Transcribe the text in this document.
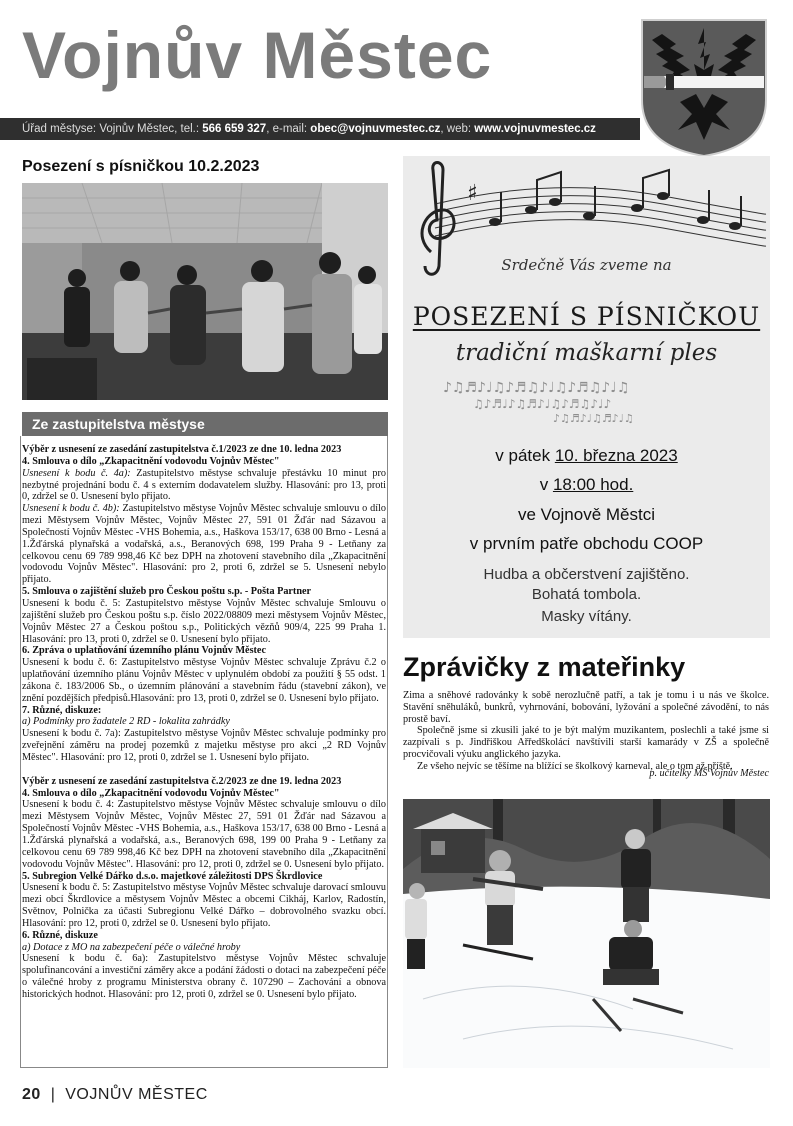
Vojnův Městec
Úřad městyse: Vojnův Městec, tel.: 566 659 327, e-mail: obec@vojnuvmestec.cz, web: www.vojnuvmestec.cz
Posezení s písničkou 10.2.2023
Ze zastupitelstva městyse

Výběr z usnesení ze zasedání zastupitelstva č.1/2023 ze dne 10. ledna 2023

4. Smlouva o dílo „Zkapacitnění vodovodu Vojnův Městec"

Usnesení k bodu č. 4a): Zastupitelstvo městyse schvaluje přestávku 10 minut pro nezbytné projednání bodu č. 4 s externím dodavatelem služby. Hlasování: pro 13, proti 0, zdržel se 0. Usnesení bylo přijato.

Usnesení k bodu č. 4b): Zastupitelstvo městyse Vojnův Městec schvaluje smlouvu o dílo mezi Městysem Vojnův Městec, Vojnův Městec 27, 591 01 Žďár nad Sázavou a Společností Vojnův Městec -VHS Bohemia, a.s., Haškova 153/17, 638 00 Brno - Lesná a 1.Žďárská plynařská a vodařská, a.s., Beranových 698, 199 Praha 9 - Letňany za celkovou cenu 69 789 998,46 Kč bez DPH na zhotovení stavebního díla „Zkapacitnění vodovodu Vojnův Městec". Hlasování: pro 2, proti 6, zdržel se 5. Usnesení nebylo přijato.

5. Smlouva o zajištění služeb pro Českou poštu s.p. - Pošta Partner

Usnesení k bodu č. 5: Zastupitelstvo městyse Vojnův Městec schvaluje Smlouvu o zajištění služeb pro Českou poštu s.p. číslo 2022/08809 mezi městysem Vojnův Městec, Vojnův Městec 27 a Českou poštou s.p., Politických vězňů 909/4, 225 99 Praha 1. Hlasování: pro 13, proti 0, zdržel se 0. Usnesení bylo přijato.

6. Zpráva o uplatňování územního plánu Vojnův Městec

Usnesení k bodu č. 6: Zastupitelstvo městyse Vojnův Městec schvaluje Zprávu č.2 o uplatňování územního plánu Vojnův Městec v uplynulém období za použití § 55 odst. 1 zákona č. 183/2006 Sb., o územním plánování a stavebním řádu (stavební zákon), ve znění pozdějších předpisů.Hlasování: pro 13, proti 0, zdržel se 0. Usnesení bylo přijato.

7. Různé, diskuze:

a) Podmínky pro žadatele 2 RD - lokalita zahrádky

Usnesení k bodu č. 7a): Zastupitelstvo městyse Vojnův Městec schvaluje podmínky pro zveřejnění záměru na prodej pozemků z majetku městyse pro akci „2 RD Vojnův Městec". Hlasování: pro 12, proti 0, zdržel se 1. Usnesení bylo přijato.

Výběr z usnesení ze zasedání zastupitelstva č.2/2023 ze dne 19. ledna 2023

4. Smlouva o dílo „Zkapacitnění vodovodu Vojnův Městec"

Usnesení k bodu č. 4: Zastupitelstvo městyse Vojnův Městec schvaluje smlouvu o dílo mezi Městysem Vojnův Městec, Vojnův Městec 27, 591 01 Žďár nad Sázavou a Společností Vojnův Městec -VHS Bohemia, a.s., Haškova 153/17, 638 00 Brno - Lesná a 1.Žďárská plynařská a vodařská, a.s., Beranových 698, 199 00 Praha 9 - Letňany za celkovou cenu 69 789 998,46 Kč bez DPH na zhotovení stavebního díla „Zkapacitnění vodovodu Vojnův Městec". Hlasování: pro 12, proti 0, zdržel se 0. Usnesení bylo přijato.

5. Subregion Velké Dářko d.s.o. majetkové záležitosti DPS Škrdlovice

Usnesení k bodu č. 5: Zastupitelstvo městyse Vojnův Městec schvaluje darovací smlouvu mezi obcí Škrdlovice a městysem Vojnův Městec a obcemi Cikháj, Karlov, Radostín, Světnov, Polnička za účasti Subregionu Velké Dářko – dobrovolného svazku obcí. Hlasování: pro 12, proti 0, zdržel se 0. Usnesení bylo přijato.

6. Různé, diskuze

a) Dotace z MO na zabezpečení péče o válečné hroby

Usnesení k bodu č. 6a): Zastupitelstvo městyse Vojnův Městec schvaluje spolufinancování a investiční záměry akce a podání žádosti o dotaci na zabezpečení péče o válečné hroby z programu Ministerstva obrany č. 107290 – Zachování a obnova historických hodnot. Hlasování: pro 12, proti 0, zdržel se 0. Usnesení bylo přijato.

♯
♪♫♬♪♩♫♪♬♫♪♩♫♪♬♫♪♩♫
♫♪♬♩♪♫♬♪♩♫♪♬♫♪♩♪
♪♫♬♪♩♫♬♪♩♫
Srdečně Vás zveme na
POSEZENÍ S PÍSNIČKOU
tradiční maškarní ples
v pátek 10. března 2023
v 18:00 hod.
ve Vojnově Městci
v prvním patře obchodu COOP
Hudba a občerstvení zajištěno.
Bohatá tombola.
Masky vítány.
Zprávičky z mateřinky

Zima a sněhové radovánky k sobě nerozlučně patří, a tak je tomu i u nás ve školce. Stavění sněhuláků, bunkrů, vyhrnování, bobování, lyžování a společné závodění, to nás prostě baví.

Společně jsme si zkusili jaké to je být malým muzikantem, poslechli a také jsme si zazpívali s p. Jindřiškou Ařředškolácí navštívili starší kamarády v ZŠ a společně procvičovali výuku anglického jazyka.

Ze všeho nejvíc se těšíme na blížící se školkový karneval, ale o tom až příště.

p. učitelky MŠ Vojnův Městec
20 | VOJNŮV MĚSTEC
